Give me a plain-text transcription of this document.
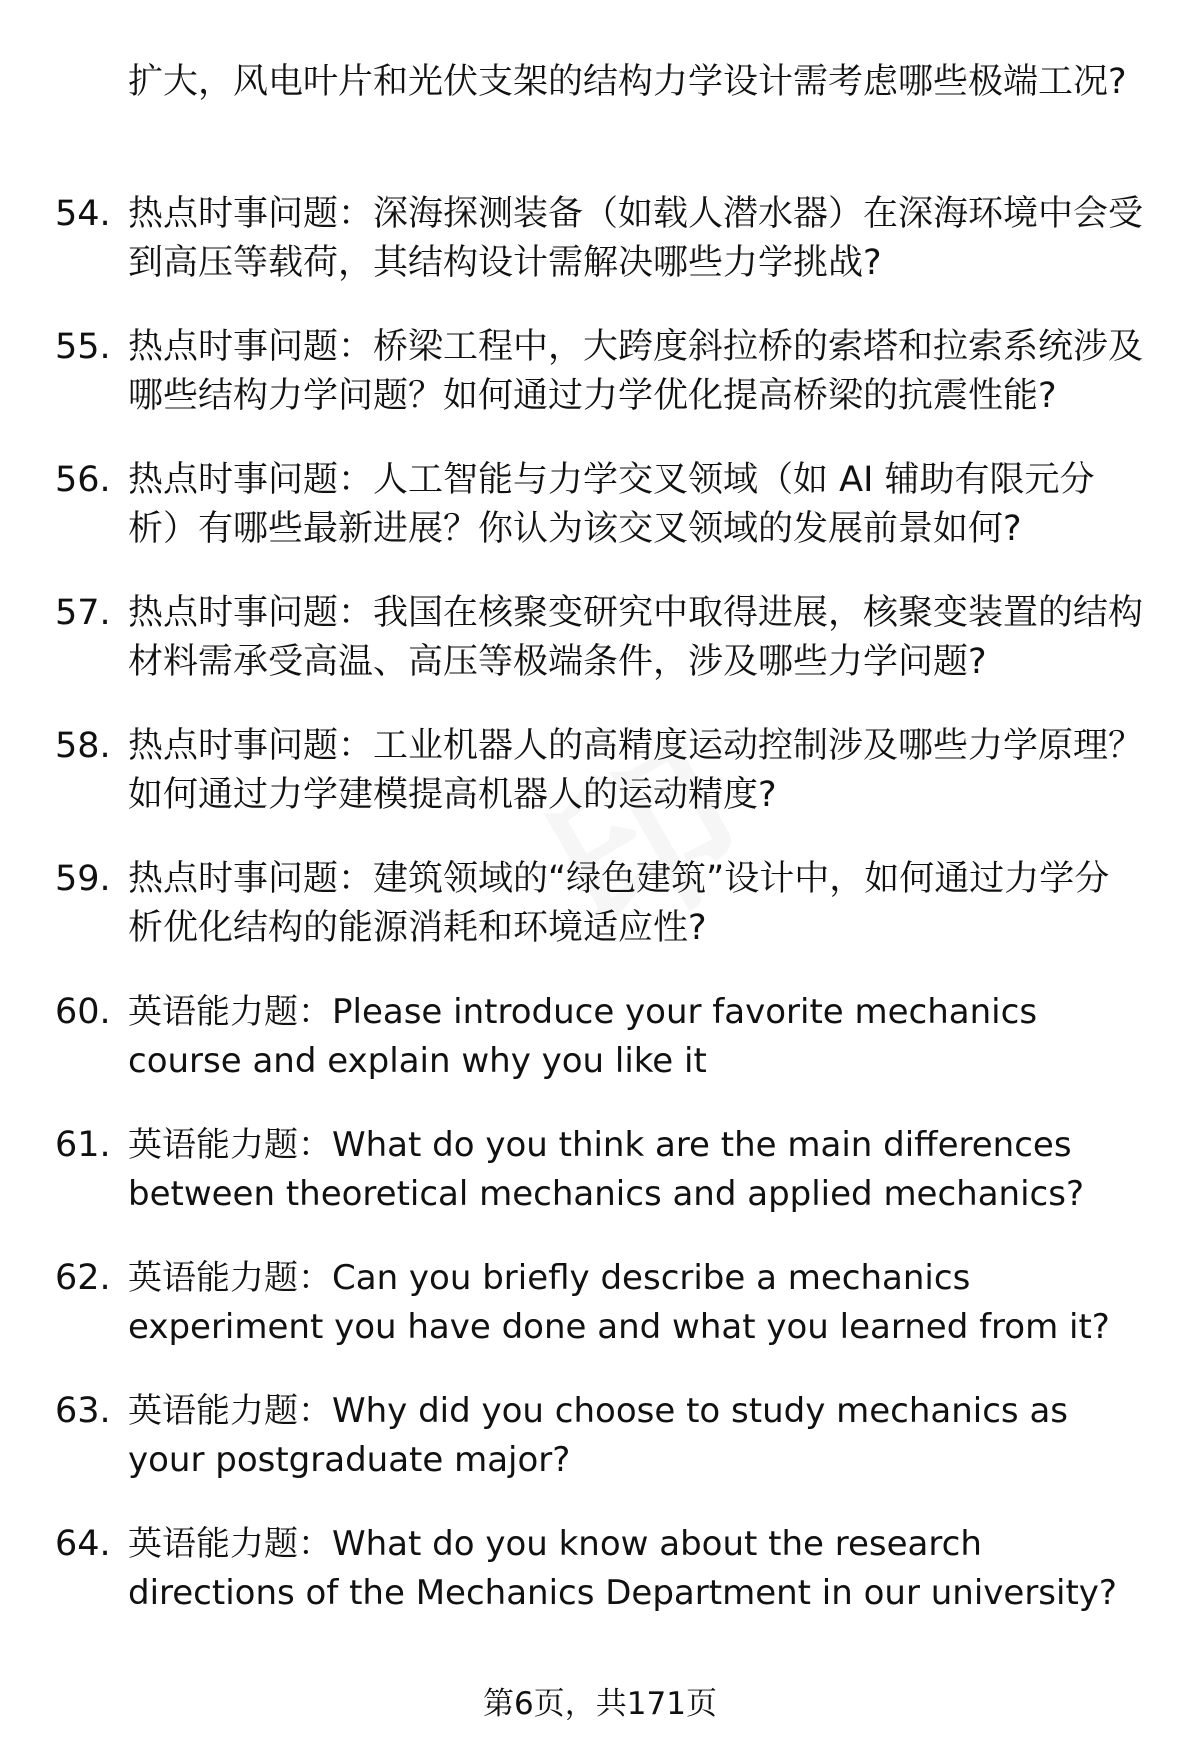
扩大，风电叶片和光伏支架的结构力学设计需考虑哪些极端工况?
54. 热点时事问题：深海探测装备（如载人潜水器）在深海环境中会受到高压等载荷，其结构设计需解决哪些力学挑战?
55. 热点时事问题：桥梁工程中，大跨度斜拉桥的索塔和拉索系统涉及哪些结构力学问题？如何通过力学优化提高桥梁的抗震性能?
56. 热点时事问题：人工智能与力学交叉领域（如 AI 辅助有限元分析）有哪些最新进展？你认为该交叉领域的发展前景如何?
57. 热点时事问题：我国在核聚变研究中取得进展，核聚变装置的结构材料需承受高温、高压等极端条件，涉及哪些力学问题?
58. 热点时事问题：工业机器人的高精度运动控制涉及哪些力学原理？如何通过力学建模提高机器人的运动精度?
59. 热点时事问题：建筑领域的“绿色建筑”设计中，如何通过力学分析优化结构的能源消耗和环境适应性?
60. 英语能力题：Please introduce your favorite mechanics course and explain why you like it
61. 英语能力题：What do you think are the main differences between theoretical mechanics and applied mechanics?
62. 英语能力题：Can you briefly describe a mechanics experiment you have done and what you learned from it?
63. 英语能力题：Why did you choose to study mechanics as your postgraduate major?
64. 英语能力题：What do you know about the research directions of the Mechanics Department in our university?
第6页，共171页
